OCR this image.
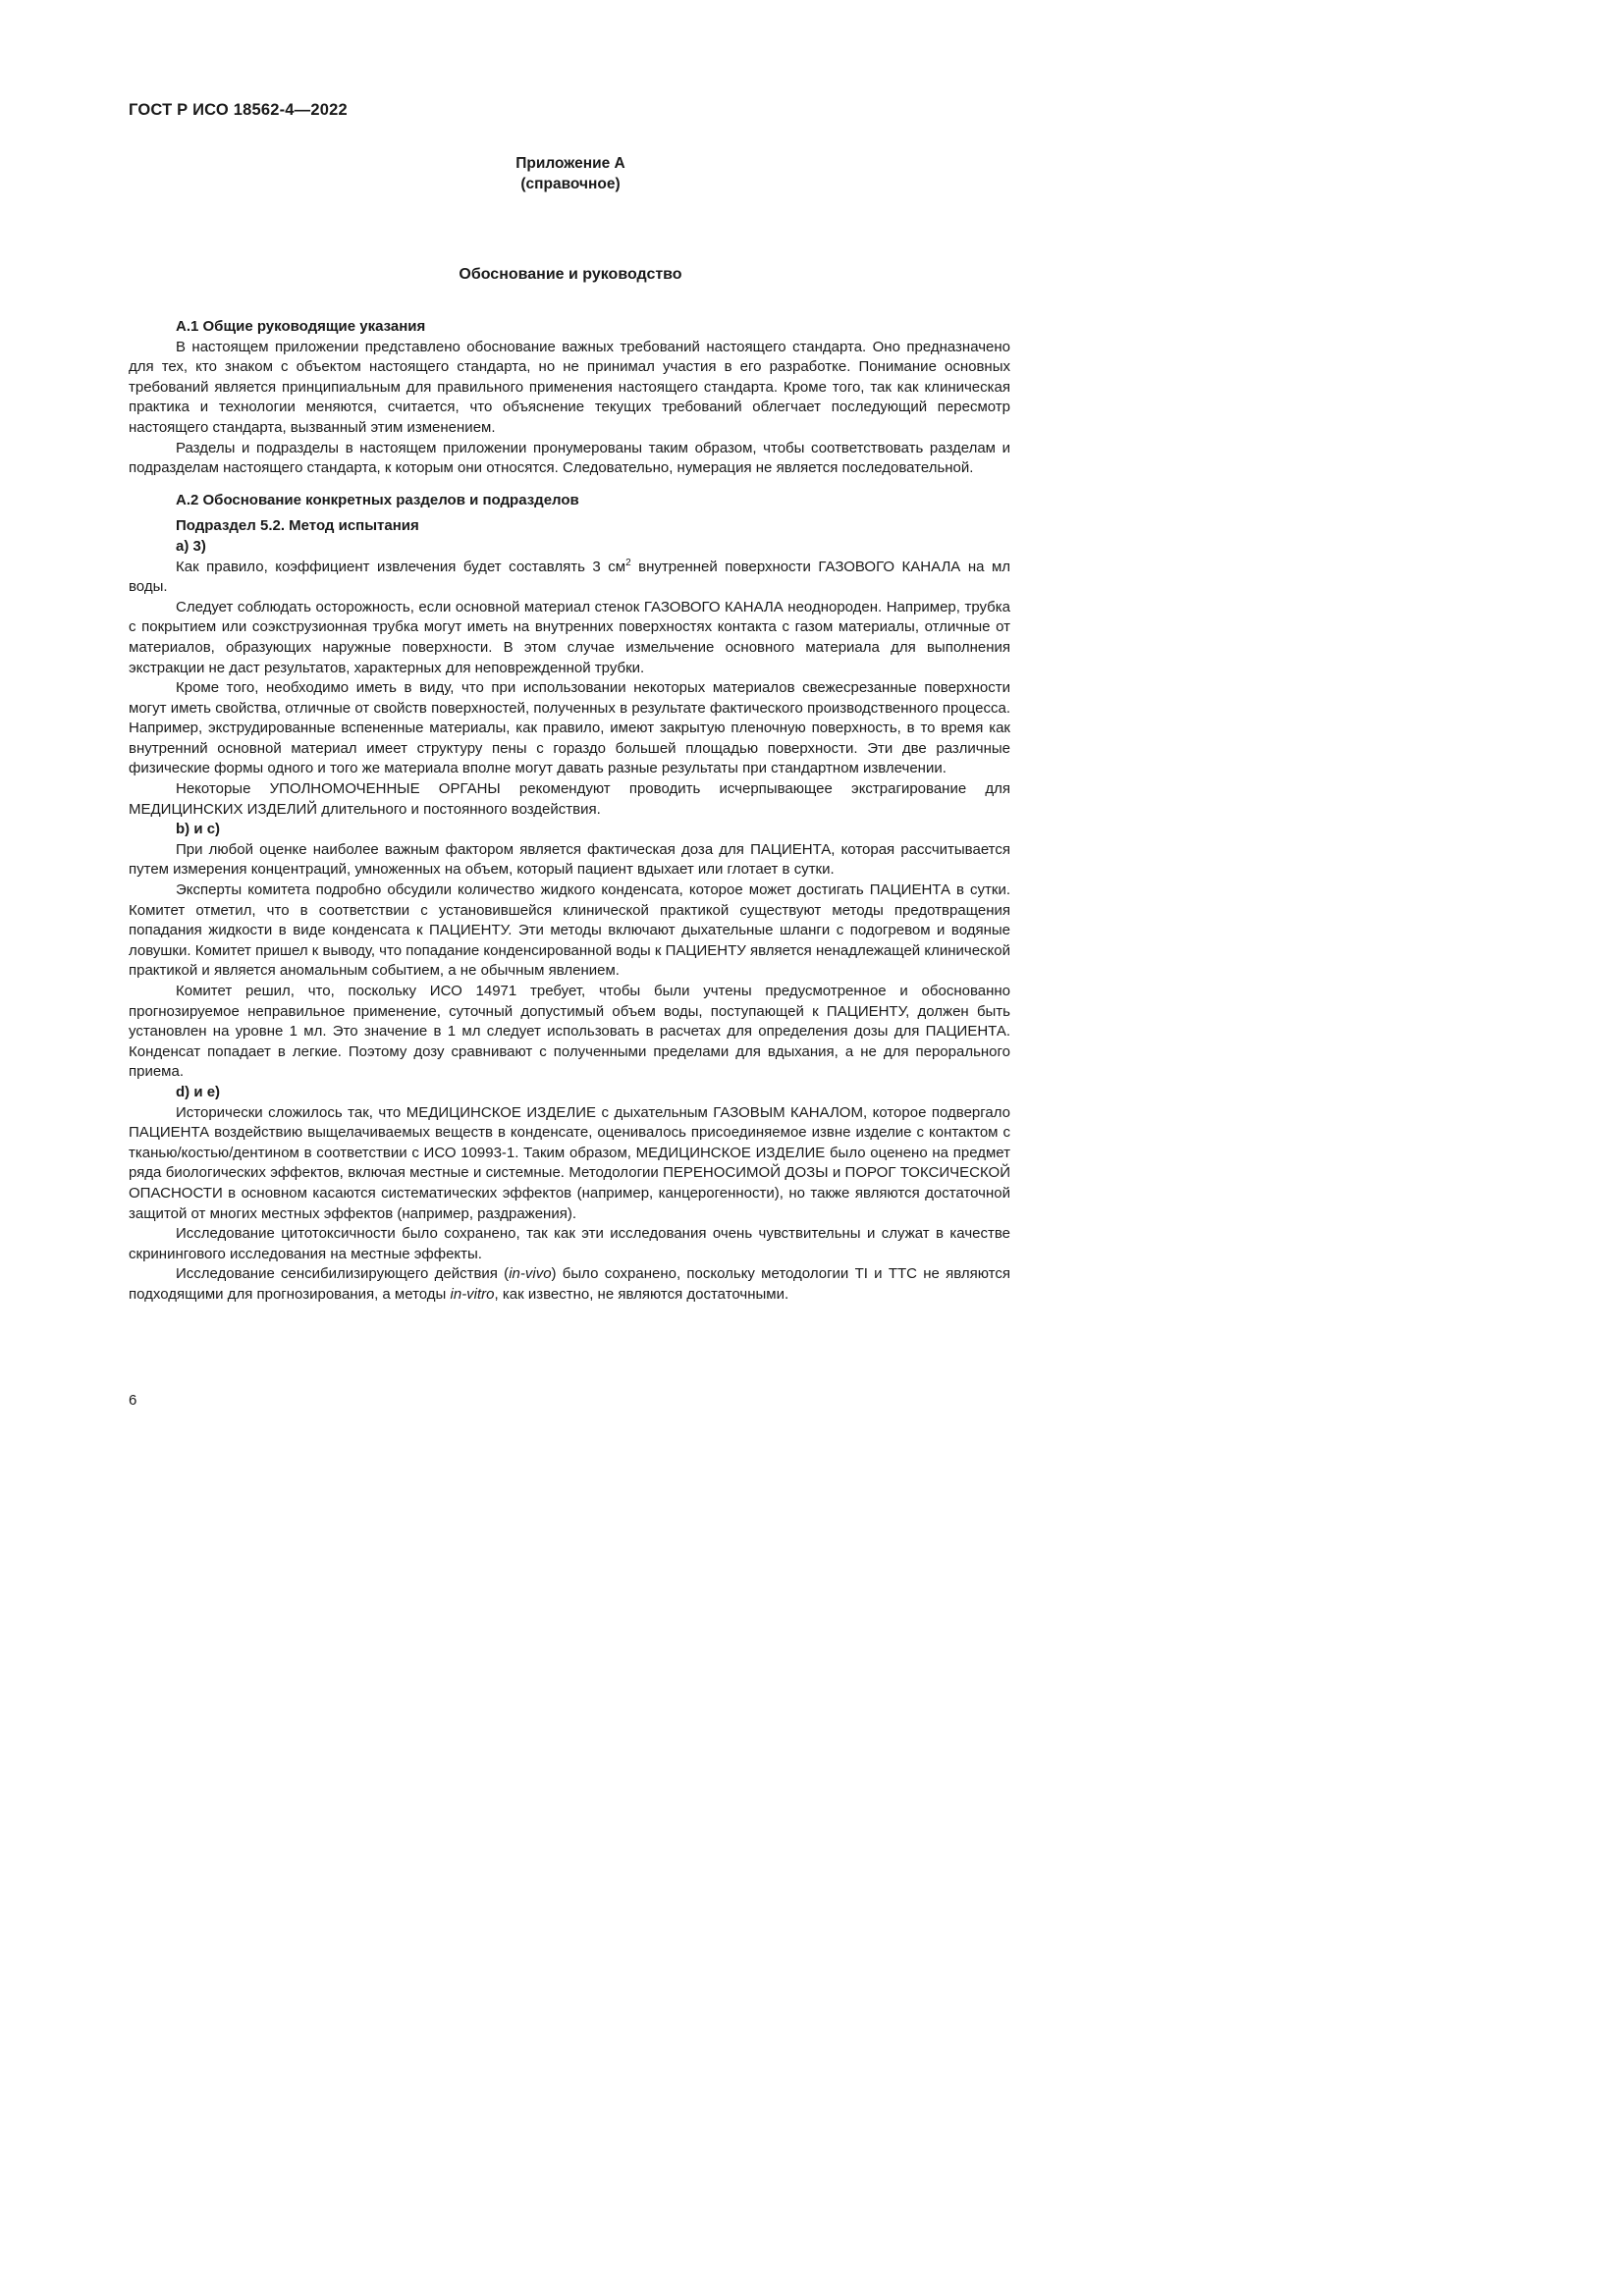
ГОСТ Р ИСО 18562-4—2022
Приложение А
(справочное)
Обоснование и руководство
А.1 Общие руководящие указания

В настоящем приложении представлено обоснование важных требований настоящего стандарта. Оно предназначено для тех, кто знаком с объектом настоящего стандарта, но не принимал участия в его разработке. Понимание основных требований является принципиальным для правильного применения настоящего стандарта. Кроме того, так как клиническая практика и технологии меняются, считается, что объяснение текущих требований облегчает последующий пересмотр настоящего стандарта, вызванный этим изменением.

Разделы и подразделы в настоящем приложении пронумерованы таким образом, чтобы соответствовать разделам и подразделам настоящего стандарта, к которым они относятся. Следовательно, нумерация не является последовательной.

А.2 Обоснование конкретных разделов и подразделов
Подраздел 5.2. Метод испытания
а) 3)

Как правило, коэффициент извлечения будет составлять 3 $см^2$ внутренней поверхности ГАЗОВОГО КАНАЛА на мл воды.

Следует соблюдать осторожность, если основной материал стенок ГАЗОВОГО КАНАЛА неоднороден. Например, трубка с покрытием или соэкструзионная трубка могут иметь на внутренних поверхностях контакта с газом материалы, отличные от материалов, образующих наружные поверхности. В этом случае измельчение основного материала для выполнения экстракции не даст результатов, характерных для неповрежденной трубки.

Кроме того, необходимо иметь в виду, что при использовании некоторых материалов свежесрезанные поверхности могут иметь свойства, отличные от свойств поверхностей, полученных в результате фактического производственного процесса. Например, экструдированные вспененные материалы, как правило, имеют закрытую пленочную поверхность, в то время как внутренний основной материал имеет структуру пены с гораздо большей площадью поверхности. Эти две различные физические формы одного и того же материала вполне могут давать разные результаты при стандартном извлечении.

Некоторые УПОЛНОМОЧЕННЫЕ ОРГАНЫ рекомендуют проводить исчерпывающее экстрагирование для МЕДИЦИНСКИХ ИЗДЕЛИЙ длительного и постоянного воздействия.

b) и c)

При любой оценке наиболее важным фактором является фактическая доза для ПАЦИЕНТА, которая рассчитывается путем измерения концентраций, умноженных на объем, который пациент вдыхает или глотает в сутки.

Эксперты комитета подробно обсудили количество жидкого конденсата, которое может достигать ПАЦИЕНТА в сутки. Комитет отметил, что в соответствии с установившейся клинической практикой существуют методы предотвращения попадания жидкости в виде конденсата к ПАЦИЕНТУ. Эти методы включают дыхательные шланги с подогревом и водяные ловушки. Комитет пришел к выводу, что попадание конденсированной воды к ПАЦИЕНТУ является ненадлежащей клинической практикой и является аномальным событием, а не обычным явлением.

Комитет решил, что, поскольку ИСО 14971 требует, чтобы были учтены предусмотренное и обоснованно прогнозируемое неправильное применение, суточный допустимый объем воды, поступающей к ПАЦИЕНТУ, должен быть установлен на уровне 1 мл. Это значение в 1 мл следует использовать в расчетах для определения дозы для ПАЦИЕНТА. Конденсат попадает в легкие. Поэтому дозу сравнивают с полученными пределами для вдыхания, а не для перорального приема.

d) и e)

Исторически сложилось так, что МЕДИЦИНСКОЕ ИЗДЕЛИЕ с дыхательным ГАЗОВЫМ КАНАЛОМ, которое подвергало ПАЦИЕНТА воздействию выщелачиваемых веществ в конденсате, оценивалось присоединяемое извне изделие с контактом с тканью/костью/дентином в соответствии с ИСО 10993-1. Таким образом, МЕДИЦИНСКОЕ ИЗДЕЛИЕ было оценено на предмет ряда биологических эффектов, включая местные и системные. Методологии ПЕРЕНОСИМОЙ ДОЗЫ и ПОРОГ ТОКСИЧЕСКОЙ ОПАСНОСТИ в основном касаются систематических эффектов (например, канцерогенности), но также являются достаточной защитой от многих местных эффектов (например, раздражения).

Исследование цитотоксичности было сохранено, так как эти исследования очень чувствительны и служат в качестве скринингового исследования на местные эффекты.

Исследование сенсибилизирующего действия (in-vivo) было сохранено, поскольку методологии TI и TTC не являются подходящими для прогнозирования, а методы in-vitro, как известно, не являются достаточными.

6
